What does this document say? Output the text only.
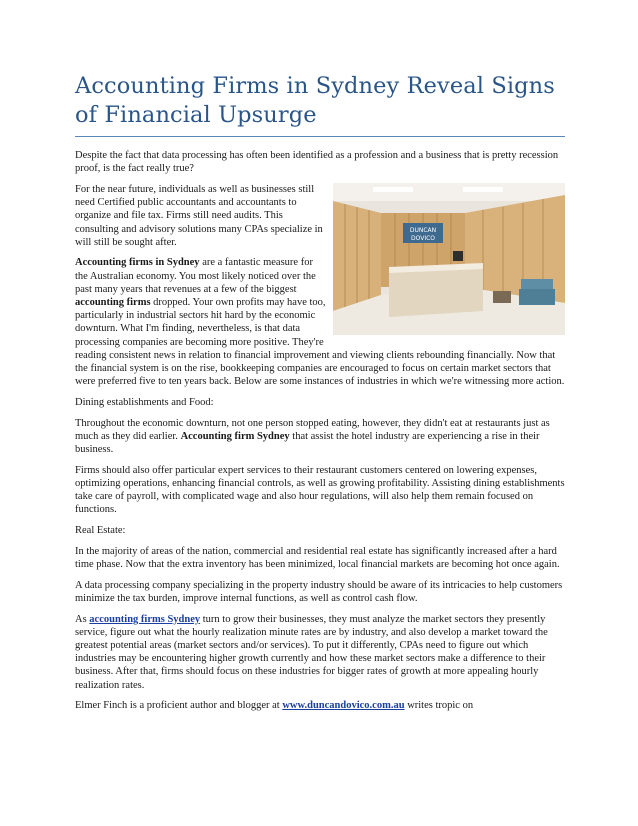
Accounting Firms in Sydney Reveal Signs of Financial Upsurge

Despite the fact that data processing has often been identified as a profession and a business that is pretty recession proof, is the fact really true?

DUNCAN
DOVICO

For the near future, individuals as well as businesses still need Certified public accountants and accountants to organize and file tax. Firms still need audits. This consulting and advisory solutions many CPAs specialize in will still be sought after.

Accounting firms in Sydney are a fantastic measure for the Australian economy. You most likely noticed over the past many years that revenues at a few of the biggest accounting firms dropped. Your own profits may have too, particularly in industrial sectors hit hard by the economic downturn. What I'm finding, nevertheless, is that data processing companies are becoming more positive. They're reading consistent news in relation to financial improvement and viewing clients rebounding financially. Now that the financial system is on the rise, bookkeeping companies are encouraged to focus on certain market sectors that were preferred five to ten years back. Below are some instances of industries in which we're witnessing more action.

Dining establishments and Food:

Throughout the economic downturn, not one person stopped eating, however, they didn't eat at restaurants just as much as they did earlier. Accounting firm Sydney that assist the hotel industry are experiencing a rise in their business.

Firms should also offer particular expert services to their restaurant customers centered on lowering expenses, optimizing operations, enhancing financial controls, as well as growing profitability. Assisting dining establishments take care of payroll, with complicated wage and also hour regulations, will also help them remain focused on functions.

Real Estate:

In the majority of areas of the nation, commercial and residential real estate has significantly increased after a hard time phase. Now that the extra inventory has been minimized, local financial markets are becoming hot once again.

A data processing company specializing in the property industry should be aware of its intricacies to help customers minimize the tax burden, improve internal functions, as well as control cash flow.

As accounting firms Sydney turn to grow their businesses, they must analyze the market sectors they presently service, figure out what the hourly realization minute rates are by industry, and also develop a market toward the greatest potential areas (market sectors and/or services). To put it differently, CPAs need to figure out which industries may be encountering higher growth currently and how these market sectors make a difference to their business. After that, firms should focus on these industries for bigger rates of growth at more appealing hourly realization rates.

Elmer Finch is a proficient author and blogger at www.duncandovico.com.au writes tropic on
